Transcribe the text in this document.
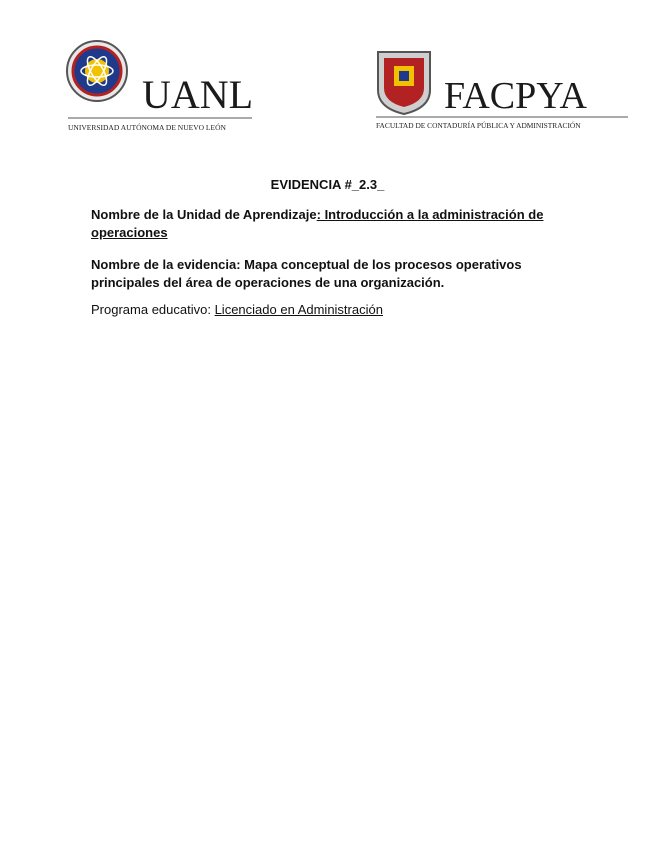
UANL
UNIVERSIDAD AUTÓNOMA DE NUEVO LEÓN
FACPYA
FACULTAD DE CONTADURÍA PÚBLICA Y ADMINISTRACIÓN
EVIDENCIA #_2.3_
Nombre de la Unidad de Aprendizaje: Introducción a la administración de operaciones
Nombre de la evidencia: Mapa conceptual de los procesos operativos principales del área de operaciones de una organización.
Programa educativo: Licenciado en Administración
